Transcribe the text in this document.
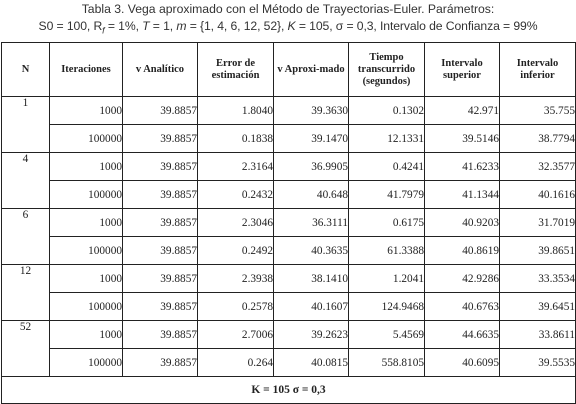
Tabla 3. Vega aproximado con el Método de Trayectorias-Euler. Parámetros:
S0 = 100, $R_f = 1\%$, T = 1, m = {1, 4, 6, 12, 52}, K = 105, σ = 0,3, Intervalo de Confianza = 99%
N	Iteraciones	v Analítico	Error de estimación	v Aproxi-mado	Tiempo transcurrido (segundos)	Intervalo superior	Intervalo inferior
1	1000	39.8857	1.8040	39.3630	0.1302	42.971	35.755
	100000	39.8857	0.1838	39.1470	12.1331	39.5146	38.7794
4	1000	39.8857	2.3164	36.9905	0.4241	41.6233	32.3577
	100000	39.8857	0.2432	40.648	41.7979	41.1344	40.1616
6	1000	39.8857	2.3046	36.3111	0.6175	40.9203	31.7019
	100000	39.8857	0.2492	40.3635	61.3388	40.8619	39.8651
12	1000	39.8857	2.3938	38.1410	1.2041	42.9286	33.3534
	100000	39.8857	0.2578	40.1607	124.9468	40.6763	39.6451
52	1000	39.8857	2.7006	39.2623	5.4569	44.6635	33.8611
	100000	39.8857	0.264	40.0815	558.8105	40.6095	39.5535
K = 105 σ = 0,3							
